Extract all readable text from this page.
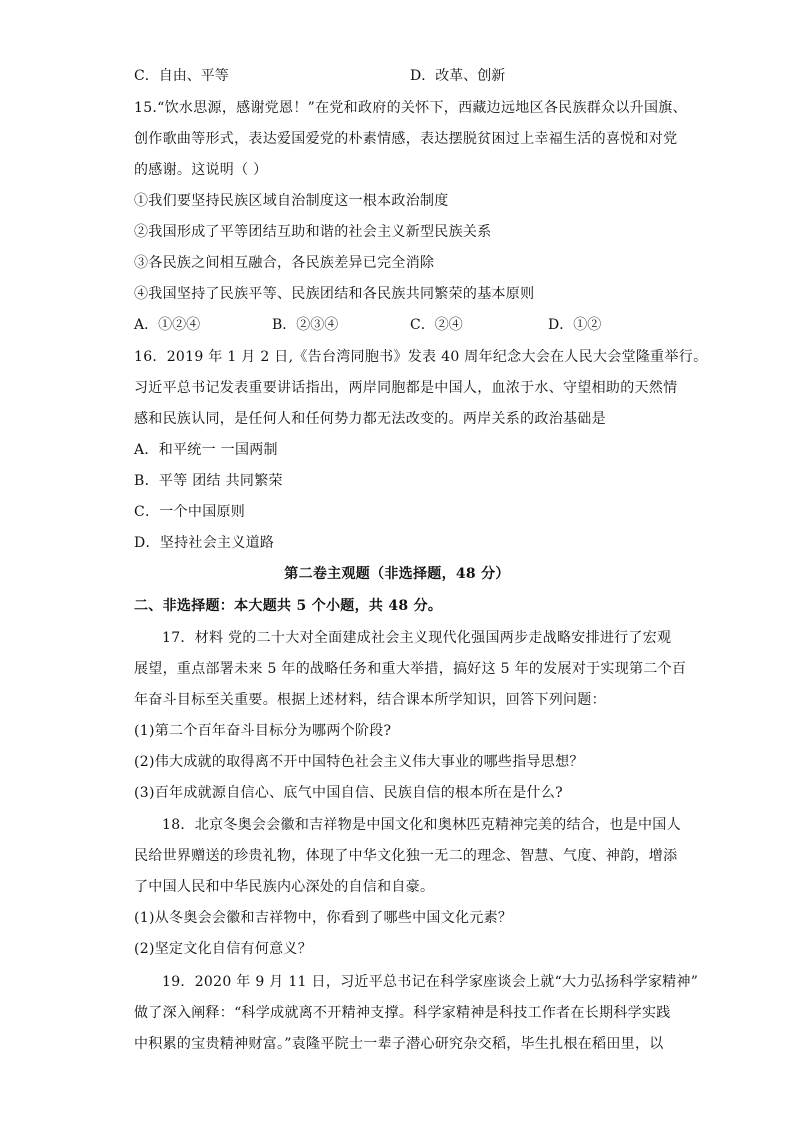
C．自由、平等	D．改革、创新
15.“饮水思源，感谢党恩！”在党和政府的关怀下，西藏边远地区各民族群众以升国旗、
创作歌曲等形式，表达爱国爱党的朴素情感，表达摆脱贫困过上幸福生活的喜悦和对党
的感谢。这说明（ ）
①我们要坚持民族区域自治制度这一根本政治制度
②我国形成了平等团结互助和谐的社会主义新型民族关系
③各民族之间相互融合，各民族差异已完全消除
④我国坚持了民族平等、民族团结和各民族共同繁荣的基本原则
A．①②④	B．②③④	C．②④	D．①②
16．2019 年 1 月 2 日,《告台湾同胞书》发表 40 周年纪念大会在人民大会堂隆重举行。
习近平总书记发表重要讲话指出，两岸同胞都是中国人，血浓于水、守望相助的天然情
感和民族认同，是任何人和任何势力都无法改变的。两岸关系的政治基础是
A．和平统一 一国两制
B．平等 团结 共同繁荣
C．一个中国原则
D．坚持社会主义道路
第二卷主观题（非选择题，48 分）
二、非选择题：本大题共 5 个小题，共 48 分。
17．材料 党的二十大对全面建成社会主义现代化强国两步走战略安排进行了宏观
展望，重点部署未来 5 年的战略任务和重大举措，搞好这 5 年的发展对于实现第二个百
年奋斗目标至关重要。根据上述材料，结合课本所学知识，回答下列问题：
(1)第二个百年奋斗目标分为哪两个阶段?
(2)伟大成就的取得离不开中国特色社会主义伟大事业的哪些指导思想？
(3)百年成就源自信心、底气中国自信、民族自信的根本所在是什么?
18．北京冬奥会会徽和吉祥物是中国文化和奥林匹克精神完美的结合，也是中国人
民给世界赠送的珍贵礼物，体现了中华文化独一无二的理念、智慧、气度、神韵，增添
了中国人民和中华民族内心深处的自信和自豪。
(1)从冬奥会会徽和吉祥物中，你看到了哪些中国文化元素？
(2)坚定文化自信有何意义？
19．2020 年 9 月 11 日，习近平总书记在科学家座谈会上就“大力弘扬科学家精神”
做了深入阐释：“科学成就离不开精神支撑。科学家精神是科技工作者在长期科学实践
中积累的宝贵精神财富。”袁隆平院士一辈子潜心研究杂交稻，毕生扎根在稻田里，以
